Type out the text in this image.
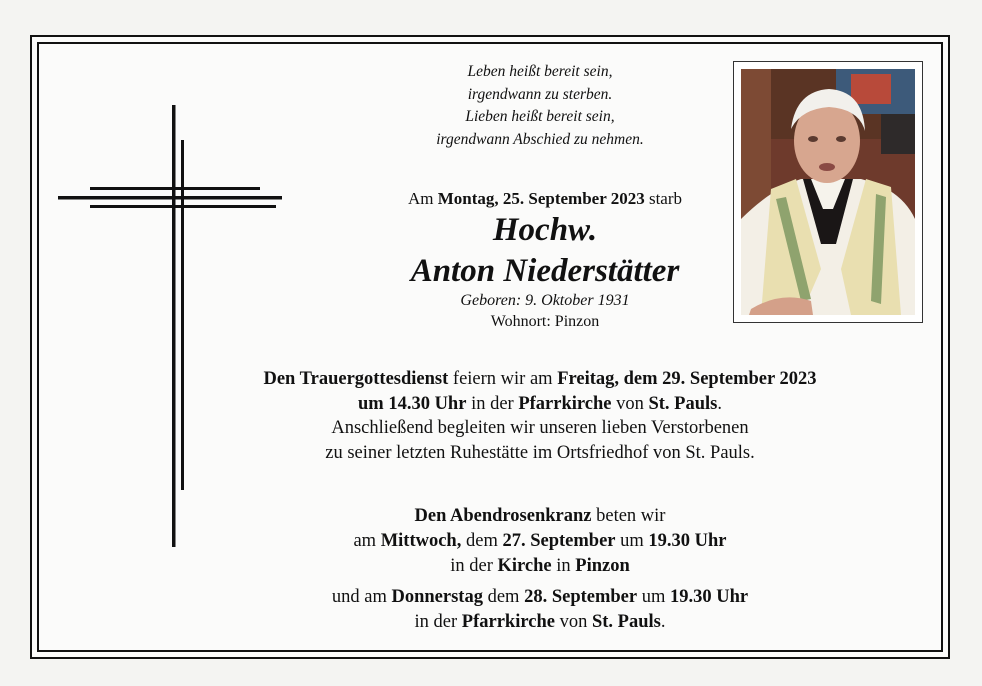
Leben heißt bereit sein,
irgendwann zu sterben.
Lieben heißt bereit sein,
irgendwann Abschied zu nehmen.
Am Montag, 25. September 2023 starb
Hochw.
Anton Niederstätter
Geboren: 9. Oktober 1931
Wohnort: Pinzon
Den Trauergottesdienst feiern wir am Freitag, dem 29. September 2023
um 14.30 Uhr in der Pfarrkirche von St. Pauls.
Anschließend begleiten wir unseren lieben Verstorbenen
zu seiner letzten Ruhestätte im Ortsfriedhof von St. Pauls.
Den Abendrosenkranz beten wir
am Mittwoch, dem 27. September um 19.30 Uhr
in der Kirche in Pinzon
und am Donnerstag dem 28. September um 19.30 Uhr
in der Pfarrkirche von St. Pauls.
